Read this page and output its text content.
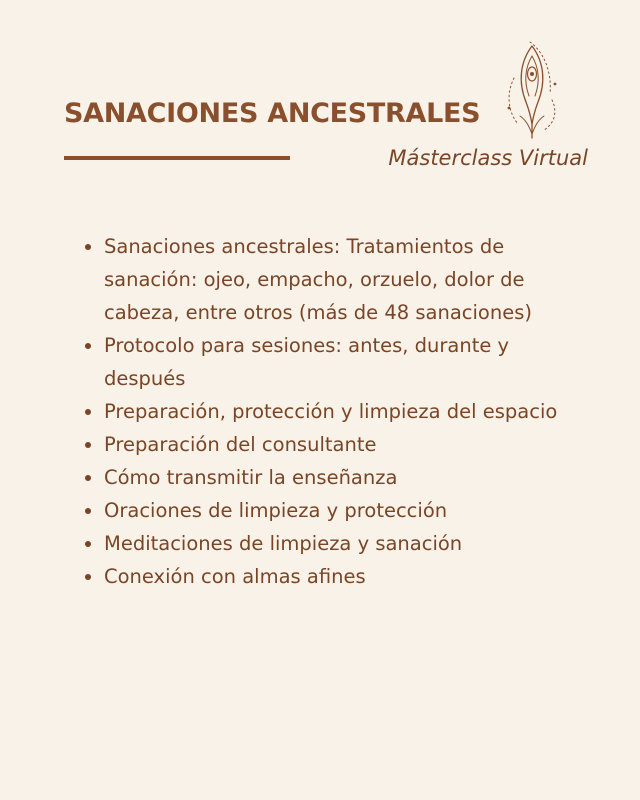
SANACIONES ANCESTRALES
Másterclass Virtual
• Sanaciones ancestrales: Tratamientos de sanación: ojeo, empacho, orzuelo, dolor de cabeza, entre otros (más de 48 sanaciones)
• Protocolo para sesiones: antes, durante y después
• Preparación, protección y limpieza del espacio
• Preparación del consultante
• Cómo transmitir la enseñanza
• Oraciones de limpieza y protección
• Meditaciones de limpieza y sanación
• Conexión con almas afines
